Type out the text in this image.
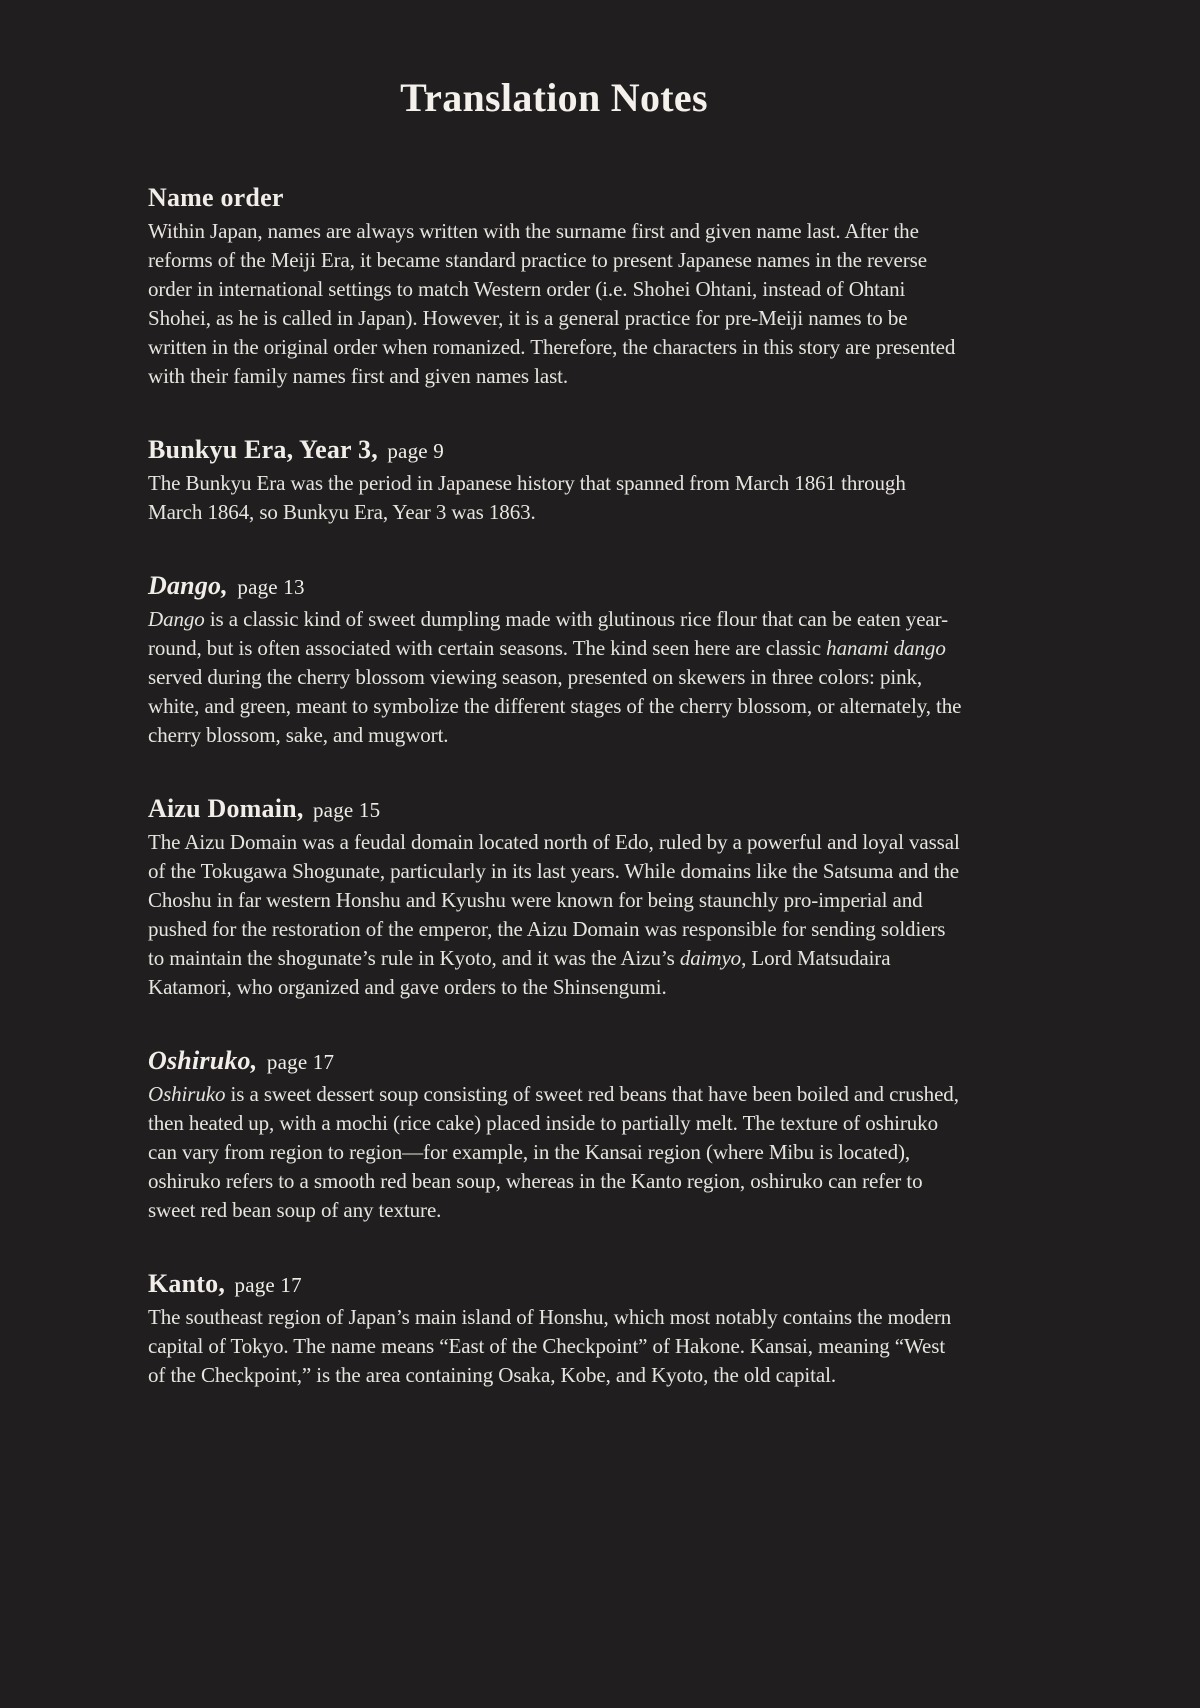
Translation Notes
Name order

Within Japan, names are always written with the surname first and given name last. After the reforms of the Meiji Era, it became standard practice to present Japanese names in the reverse order in international settings to match Western order (i.e. Shohei Ohtani, instead of Ohtani Shohei, as he is called in Japan). However, it is a general practice for pre-Meiji names to be written in the original order when romanized. Therefore, the characters in this story are presented with their family names first and given names last.

Bunkyu Era, Year 3, page 9

The Bunkyu Era was the period in Japanese history that spanned from March 1861 through March 1864, so Bunkyu Era, Year 3 was 1863.

Dango, page 13

Dango is a classic kind of sweet dumpling made with glutinous rice flour that can be eaten year-round, but is often associated with certain seasons. The kind seen here are classic hanami dango served during the cherry blossom viewing season, presented on skewers in three colors: pink, white, and green, meant to symbolize the different stages of the cherry blossom, or alternately, the cherry blossom, sake, and mugwort.

Aizu Domain, page 15

The Aizu Domain was a feudal domain located north of Edo, ruled by a powerful and loyal vassal of the Tokugawa Shogunate, particularly in its last years. While domains like the Satsuma and the Choshu in far western Honshu and Kyushu were known for being staunchly pro-imperial and pushed for the restoration of the emperor, the Aizu Domain was responsible for sending soldiers to maintain the shogunate’s rule in Kyoto, and it was the Aizu’s daimyo, Lord Matsudaira Katamori, who organized and gave orders to the Shinsengumi.

Oshiruko, page 17

Oshiruko is a sweet dessert soup consisting of sweet red beans that have been boiled and crushed, then heated up, with a mochi (rice cake) placed inside to partially melt. The texture of oshiruko can vary from region to region—for example, in the Kansai region (where Mibu is located), oshiruko refers to a smooth red bean soup, whereas in the Kanto region, oshiruko can refer to sweet red bean soup of any texture.

Kanto, page 17

The southeast region of Japan’s main island of Honshu, which most notably contains the modern capital of Tokyo. The name means “East of the Checkpoint” of Hakone. Kansai, meaning “West of the Checkpoint,” is the area containing Osaka, Kobe, and Kyoto, the old capital.
